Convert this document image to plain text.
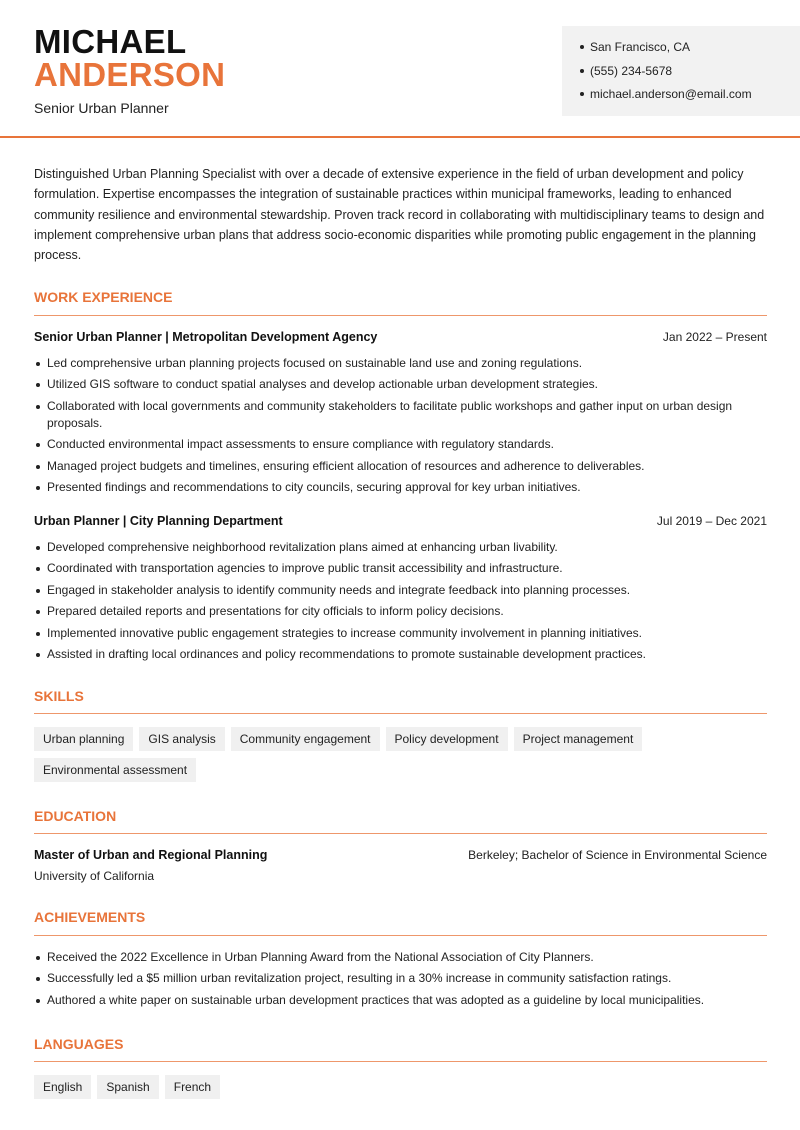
MICHAEL
ANDERSON
Senior Urban Planner
San Francisco, CA
(555) 234-5678
michael.anderson@email.com

Distinguished Urban Planning Specialist with over a decade of extensive experience in the field of urban development and policy formulation. Expertise encompasses the integration of sustainable practices within municipal frameworks, leading to enhanced community resilience and environmental stewardship. Proven track record in collaborating with multidisciplinary teams to design and implement comprehensive urban plans that address socio-economic disparities while promoting public engagement in the planning process.

WORK EXPERIENCE
Senior Urban Planner | Metropolitan Development Agency	Jan 2022 – Present
Led comprehensive urban planning projects focused on sustainable land use and zoning regulations.
Utilized GIS software to conduct spatial analyses and develop actionable urban development strategies.
Collaborated with local governments and community stakeholders to facilitate public workshops and gather input on urban design proposals.
Conducted environmental impact assessments to ensure compliance with regulatory standards.
Managed project budgets and timelines, ensuring efficient allocation of resources and adherence to deliverables.
Presented findings and recommendations to city councils, securing approval for key urban initiatives.
Urban Planner | City Planning Department	Jul 2019 – Dec 2021
Developed comprehensive neighborhood revitalization plans aimed at enhancing urban livability.
Coordinated with transportation agencies to improve public transit accessibility and infrastructure.
Engaged in stakeholder analysis to identify community needs and integrate feedback into planning processes.
Prepared detailed reports and presentations for city officials to inform policy decisions.
Implemented innovative public engagement strategies to increase community involvement in planning initiatives.
Assisted in drafting local ordinances and policy recommendations to promote sustainable development practices.
SKILLS
Urban planning GIS analysis Community engagement Policy development Project managementEnvironmental assessment
EDUCATION
Master of Urban and Regional Planning	Berkeley; Bachelor of Science in Environmental Science
University of California
ACHIEVEMENTS
Received the 2022 Excellence in Urban Planning Award from the National Association of City Planners.
Successfully led a $5 million urban revitalization project, resulting in a 30% increase in community satisfaction ratings.
Authored a white paper on sustainable urban development practices that was adopted as a guideline by local municipalities.
LANGUAGES
English Spanish French
